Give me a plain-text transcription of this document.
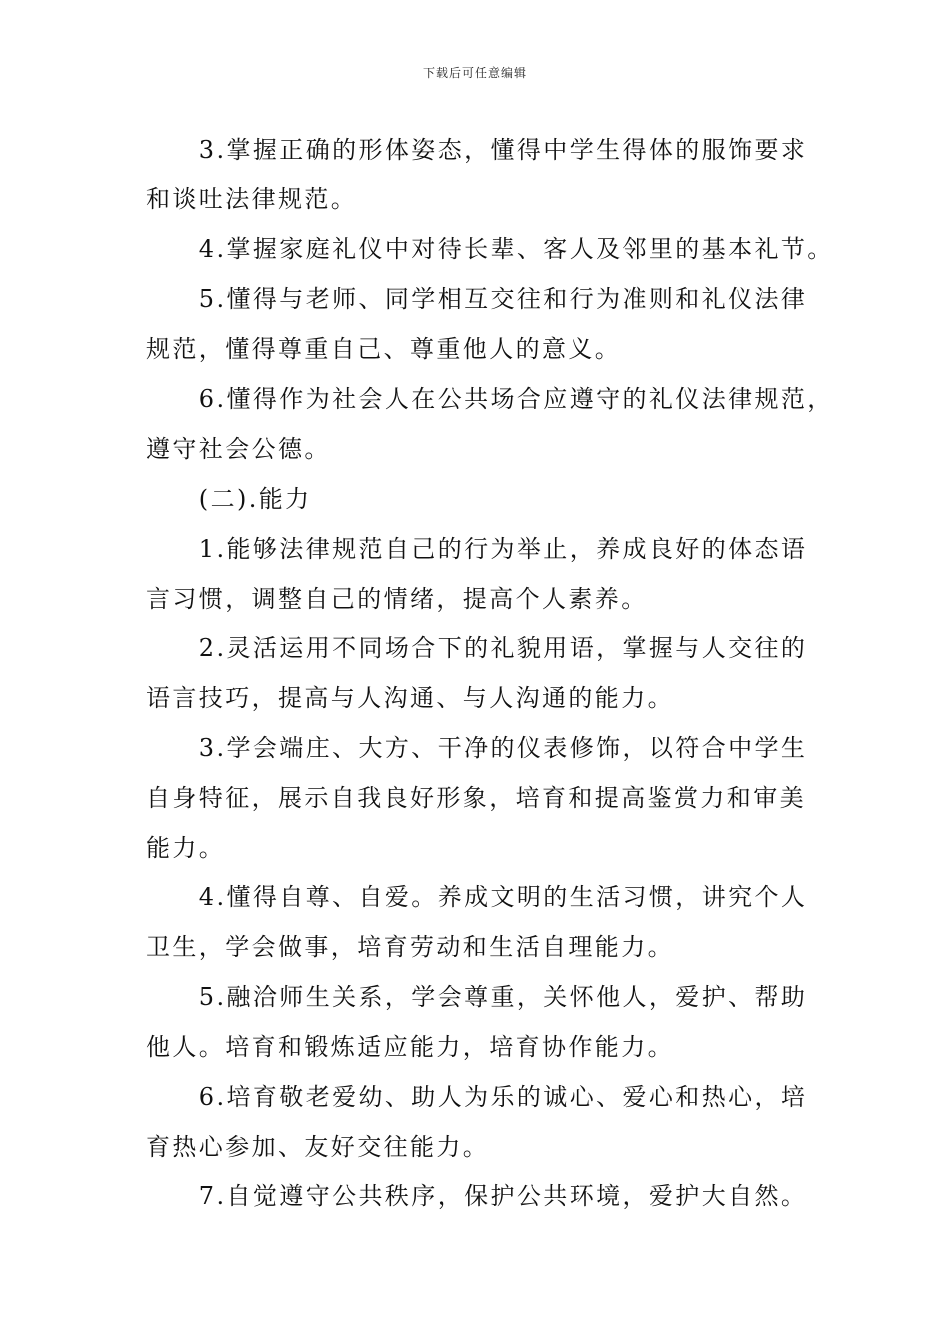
下载后可任意编辑
　　3.掌握正确的形体姿态，懂得中学生得体的服饰要求
和谈吐法律规范。
　　4.掌握家庭礼仪中对待长辈、客人及邻里的基本礼节。
　　5.懂得与老师、同学相互交往和行为准则和礼仪法律
规范，懂得尊重自己、尊重他人的意义。
　　6.懂得作为社会人在公共场合应遵守的礼仪法律规范，
遵守社会公德。
　　(二).能力
　　1.能够法律规范自己的行为举止，养成良好的体态语
言习惯，调整自己的情绪，提高个人素养。
　　2.灵活运用不同场合下的礼貌用语，掌握与人交往的
语言技巧，提高与人沟通、与人沟通的能力。
　　3.学会端庄、大方、干净的仪表修饰，以符合中学生
自身特征，展示自我良好形象，培育和提高鉴赏力和审美
能力。
　　4.懂得自尊、自爱。养成文明的生活习惯，讲究个人
卫生，学会做事，培育劳动和生活自理能力。
　　5.融洽师生关系，学会尊重，关怀他人，爱护、帮助
他人。培育和锻炼适应能力，培育协作能力。
　　6.培育敬老爱幼、助人为乐的诚心、爱心和热心，培
育热心参加、友好交往能力。
　　7.自觉遵守公共秩序，保护公共环境，爱护大自然。
